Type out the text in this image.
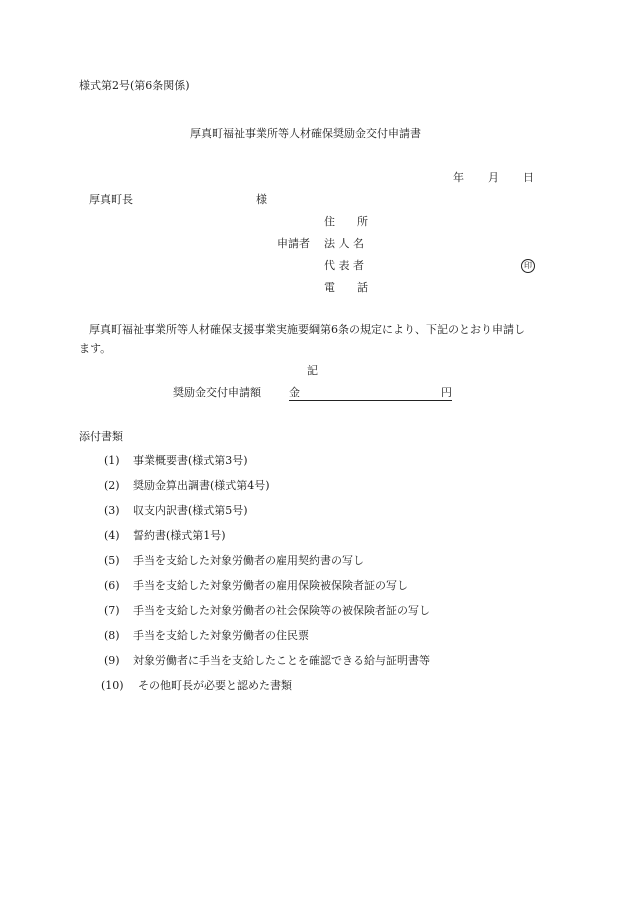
様式第2号(第6条関係)
厚真町福祉事業所等人材確保奨励金交付申請書
年 月 日
厚真町長	様
住　　所
申請者 法 人 名
代 表 者	印
電　　話
厚真町福祉事業所等人材確保支援事業実施要綱第6条の規定により、下記のとおり申請し
ます。
記
奨励金交付申請額	金	円
添付書類
(1) 事業概要書(様式第3号)
(2) 奨励金算出調書(様式第4号)
(3) 収支内訳書(様式第5号)
(4) 誓約書(様式第1号)
(5) 手当を支給した対象労働者の雇用契約書の写し
(6) 手当を支給した対象労働者の雇用保険被保険者証の写し
(7) 手当を支給した対象労働者の社会保険等の被保険者証の写し
(8) 手当を支給した対象労働者の住民票
(9) 対象労働者に手当を支給したことを確認できる給与証明書等
(10) その他町長が必要と認めた書類
